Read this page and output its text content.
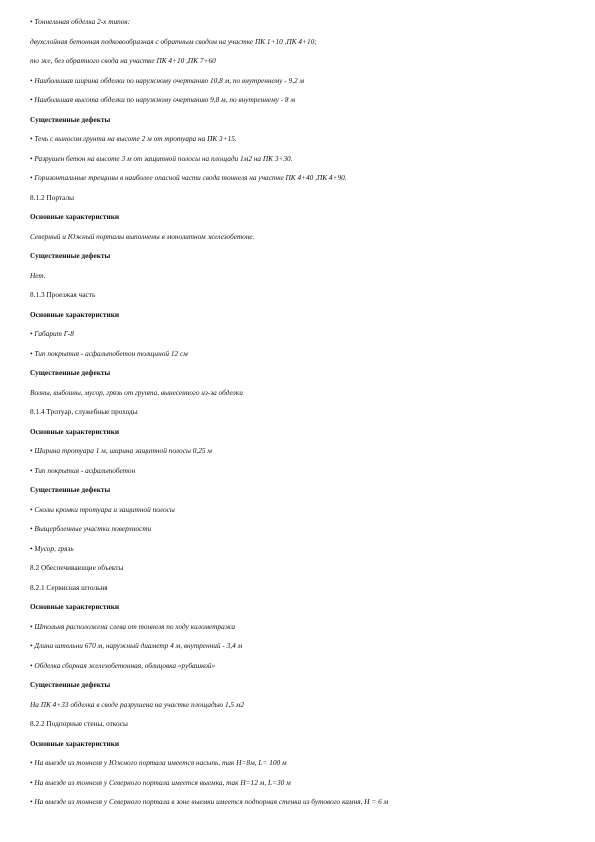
• Тоннельная обделка 2-х типов:
двухслойная бетонная подковообразная с обратным сводом на участке ПК 1+10 ,ПК 4+10;
то же, без обратного свода на участке ПК 4+10 ,ПК 7+60
• Наибольшая ширина обделки по наружному очертанию 10,8 м, по внутреннему - 9,2 м
• Наибольшая высота обделки по наружному очертанию 9,8 м, по внутреннему - 8 м
Существенные дефекты
• Течь с выносом грунта на высоте 2 м от тротуара на ПК 3+15.
• Разрушен бетон на высоте 3 м от защитной полосы на площади 1м2 на ПК 3+30.
• Горизонтальные трещины в наиболее опасной части свода тоннеля на участке ПК 4+40 ,ПК 4+90.
8.1.2 Порталы
Основные характеристики
Северный и Южный порталы выполнены в монолитном железобетоне.
Существенные дефекты
Нет.
8.1.3 Проезжая часть
Основные характеристики
• Габарит Г-8
• Тип покрытия - асфальтобетон толщиной 12 см
Существенные дефекты
Волны, выбоины, мусор, грязь от грунта, вынесенного из-за обделки
8.1.4 Тротуар, служебные проходы
Основные характеристики
• Ширина тротуара 1 м, ширина защитной полосы 0,25 м
• Тип покрытия - асфальтобетон
Существенные дефекты
• Сколы кромки тротуара и защитной полосы
• Выщербленные участки поверхности
• Мусор, грязь
8.2 Обеспечивающие объекты
8.2.1 Сервисная штольня
Основные характеристики
• Штольня расположена слева от тоннеля по ходу километража
• Длина штольни 670 м, наружный диаметр 4 м, внутренний - 3,4 м
• Обделка сборная железобетонная, облицовка «рубашкой»
Существенные дефекты
На ПК 4+33 обделка в своде разрушена на участке площадью 1,5 м2
8.2.2 Подпорные стены, откосы
Основные характеристики
• На выезде из тоннеля у Южного портала имеется насыпь, так H=8м, L= 100 м
• На выезде из тоннеля у Северного портала имеется выемка, так H=12 м, L=30 м
• На выезде из тоннеля у Северного портала в зоне выемки имеется подпорная стенка из бутового камня, H = 6 м
